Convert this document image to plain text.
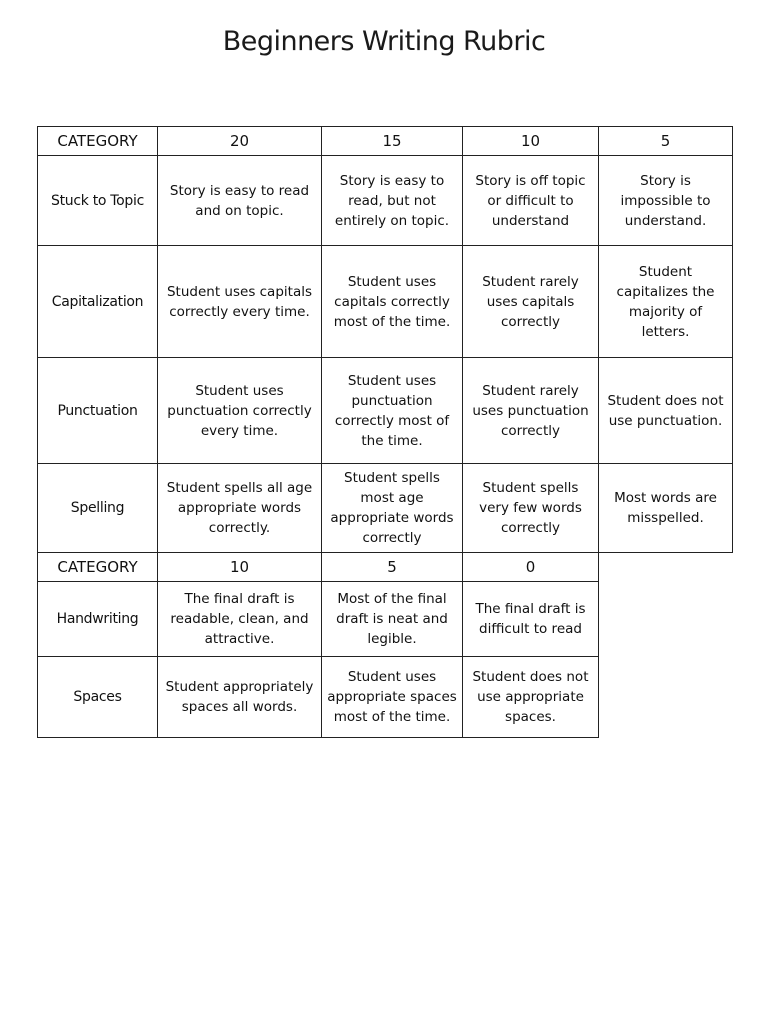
Beginners Writing Rubric
CATEGORY	20	15	10	5
Stuck to Topic	Story is easy to read and on topic.	Story is easy to read, but not entirely on topic.	Story is off topic or difficult to understand	Story is impossible to understand.
Capitalization	Student uses capitals correctly every time.	Student uses capitals correctly most of the time.	Student rarely uses capitals correctly	Student capitalizes the majority of letters.
Punctuation	Student uses punctuation correctly every time.	Student uses punctuation correctly most of the time.	Student rarely uses punctuation correctly	Student does not use punctuation.
Spelling	Student spells all age appropriate words correctly.	Student spells most age appropriate words correctly	Student spells very few words correctly	Most words are misspelled.
CATEGORY	10	5	0	
Handwriting	The final draft is readable, clean, and attractive.	Most of the final draft is neat and legible.	The final draft is difficult to read	
Spaces	Student appropriately spaces all words.	Student uses appropriate spaces most of the time.	Student does not use appropriate spaces.	
